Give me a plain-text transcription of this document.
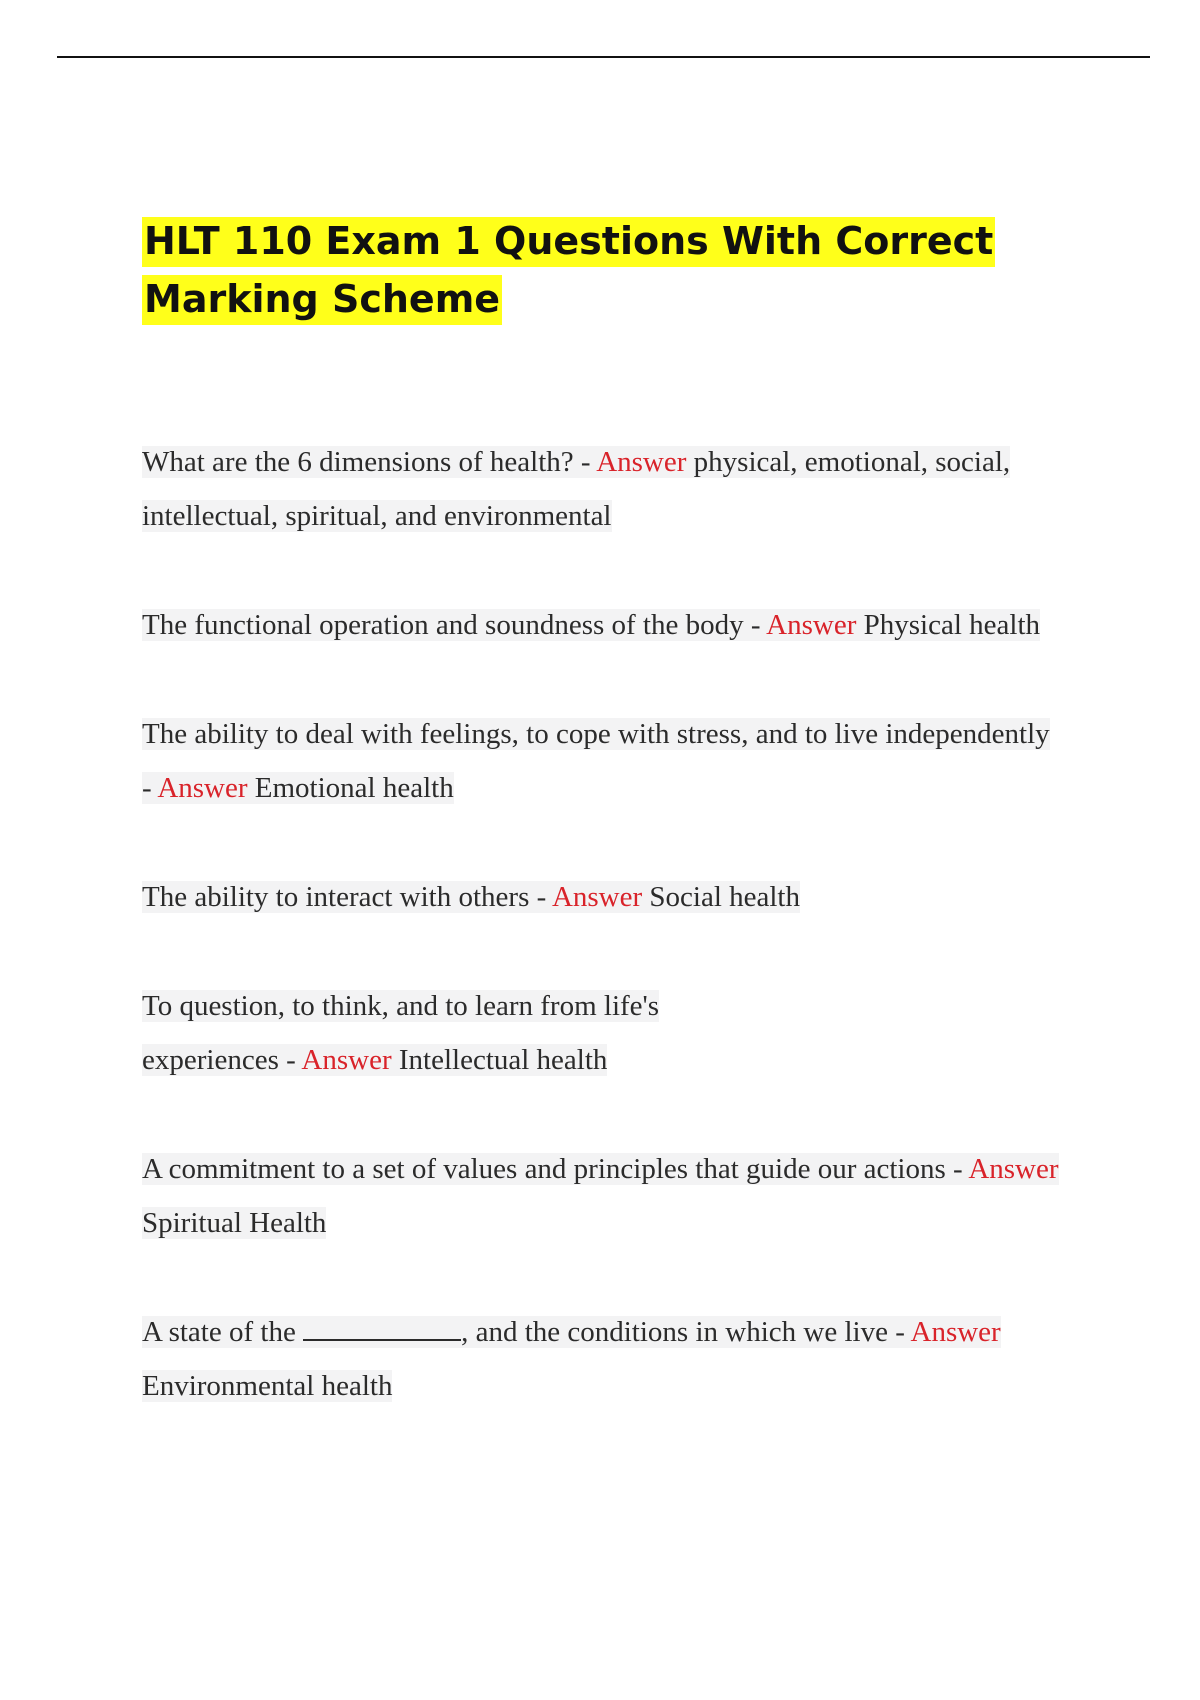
HLT 110 Exam 1 Questions With Correct
Marking Scheme

What are the 6 dimensions of health? - Answer physical, emotional, social, intellectual, spiritual, and environmental

The functional operation and soundness of the body - Answer Physical health

The ability to deal with feelings, to cope with stress, and to live independently - Answer Emotional health

The ability to interact with others - Answer Social health

To question, to think, and to learn from life's
experiences - Answer Intellectual health

A commitment to a set of values and principles that guide our actions - Answer Spiritual Health

A state of the	, and the conditions in which we live - Answer Environmental health
